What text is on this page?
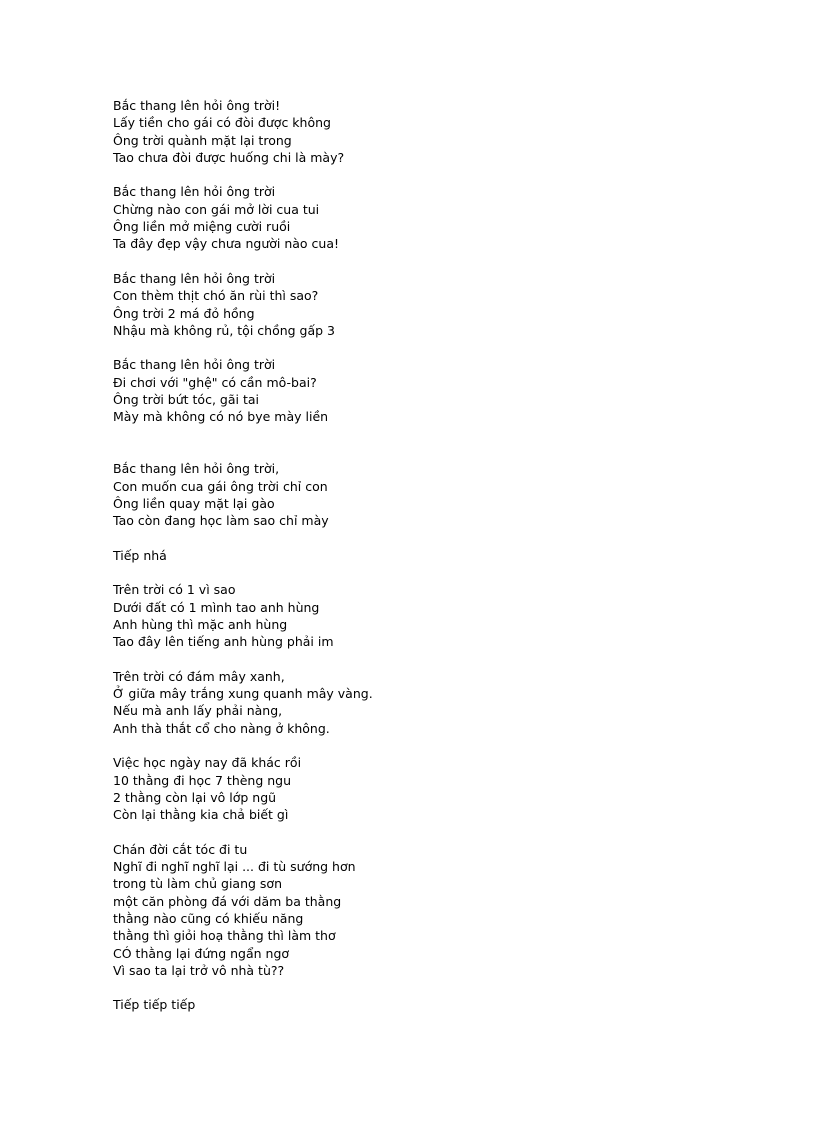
Bắc thang lên hỏi ông trời!
Lấy tiền cho gái có đòi được không
Ông trời quành mặt lại trong
Tao chưa đòi được huống chi là mày?
Bắc thang lên hỏi ông trời
Chừng nào con gái mở lời cua tui
Ông liền mở miệng cười ruồi
Ta đây đẹp vậy chưa người nào cua!
Bắc thang lên hỏi ông trời
Con thèm thịt chó ăn rùi thì sao?
Ông trời 2 má đỏ hồng
Nhậu mà không rủ, tội chồng gấp 3
Bắc thang lên hỏi ông trời
Đi chơi với "ghệ" có cần mô-bai?
Ông trời bứt tóc, gãi tai
Mày mà không có nó bye mày liền
Bắc thang lên hỏi ông trời,
Con muốn cua gái ông trời chỉ con
Ông liền quay mặt lại gào
Tao còn đang học làm sao chỉ mày
Tiếp nhá
Trên trời có 1 vì sao
Dưới đất có 1 mình tao anh hùng
Anh hùng thì mặc anh hùng
Tao đây lên tiếng anh hùng phải im
Trên trời có đám mây xanh,
Ở giữa mây trắng xung quanh mây vàng.
Nếu mà anh lấy phải nàng,
Anh thà thắt cổ cho nàng ở không.
Việc học ngày nay đã khác rồi
10 thằng đi học 7 thèng ngu
2 thằng còn lại vô lớp ngũ
Còn lại thằng kia chả biết gì
Chán đời cắt tóc đi tu
Nghĩ đi nghĩ nghĩ lại ... đi tù sướng hơn
trong tù làm chủ giang sơn
một căn phòng đá với dăm ba thằng
thằng nào cũng có khiếu năng
thằng thì giỏi hoạ thằng thì làm thơ
CÓ thằng lại đứng ngẩn ngơ
Vì sao ta lại trở vô nhà tù??
Tiếp tiếp tiếp
